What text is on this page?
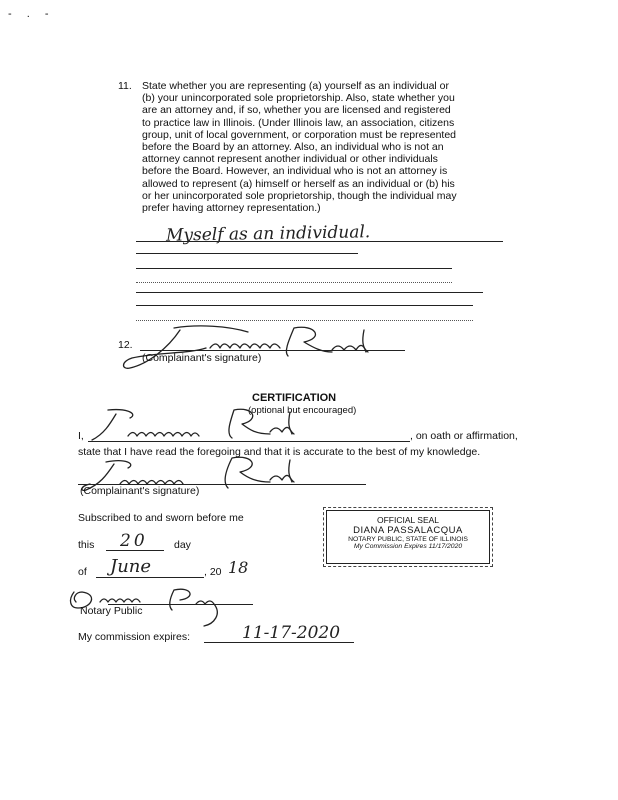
- . -
11. State whether you are representing (a) yourself as an individual or
(b) your unincorporated sole proprietorship. Also, state whether you
are an attorney and, if so, whether you are licensed and registered
to practice law in Illinois. (Under Illinois law, an association, citizens
group, unit of local government, or corporation must be represented
before the Board by an attorney. Also, an individual who is not an
attorney cannot represent another individual or other individuals
before the Board. However, an individual who is not an attorney is
allowed to represent (a) himself or herself as an individual or (b) his
or her unincorporated sole proprietorship, though the individual may
prefer having attorney representation.)
Myself as an individual.
12.
(Complainant's signature)
CERTIFICATION
(optional but encouraged)
I,	, on oath or affirmation,
state that I have read the foregoing and that it is accurate to the best of my knowledge.
(Complainant's signature)
Subscribed to and sworn before me
this 20	day
of June	, 20 18
Notary Public
My commission expires:	11-17-2020
OFFICIAL SEAL
DIANA PASSALACQUA
NOTARY PUBLIC, STATE OF ILLINOIS
My Commission Expires 11/17/2020
